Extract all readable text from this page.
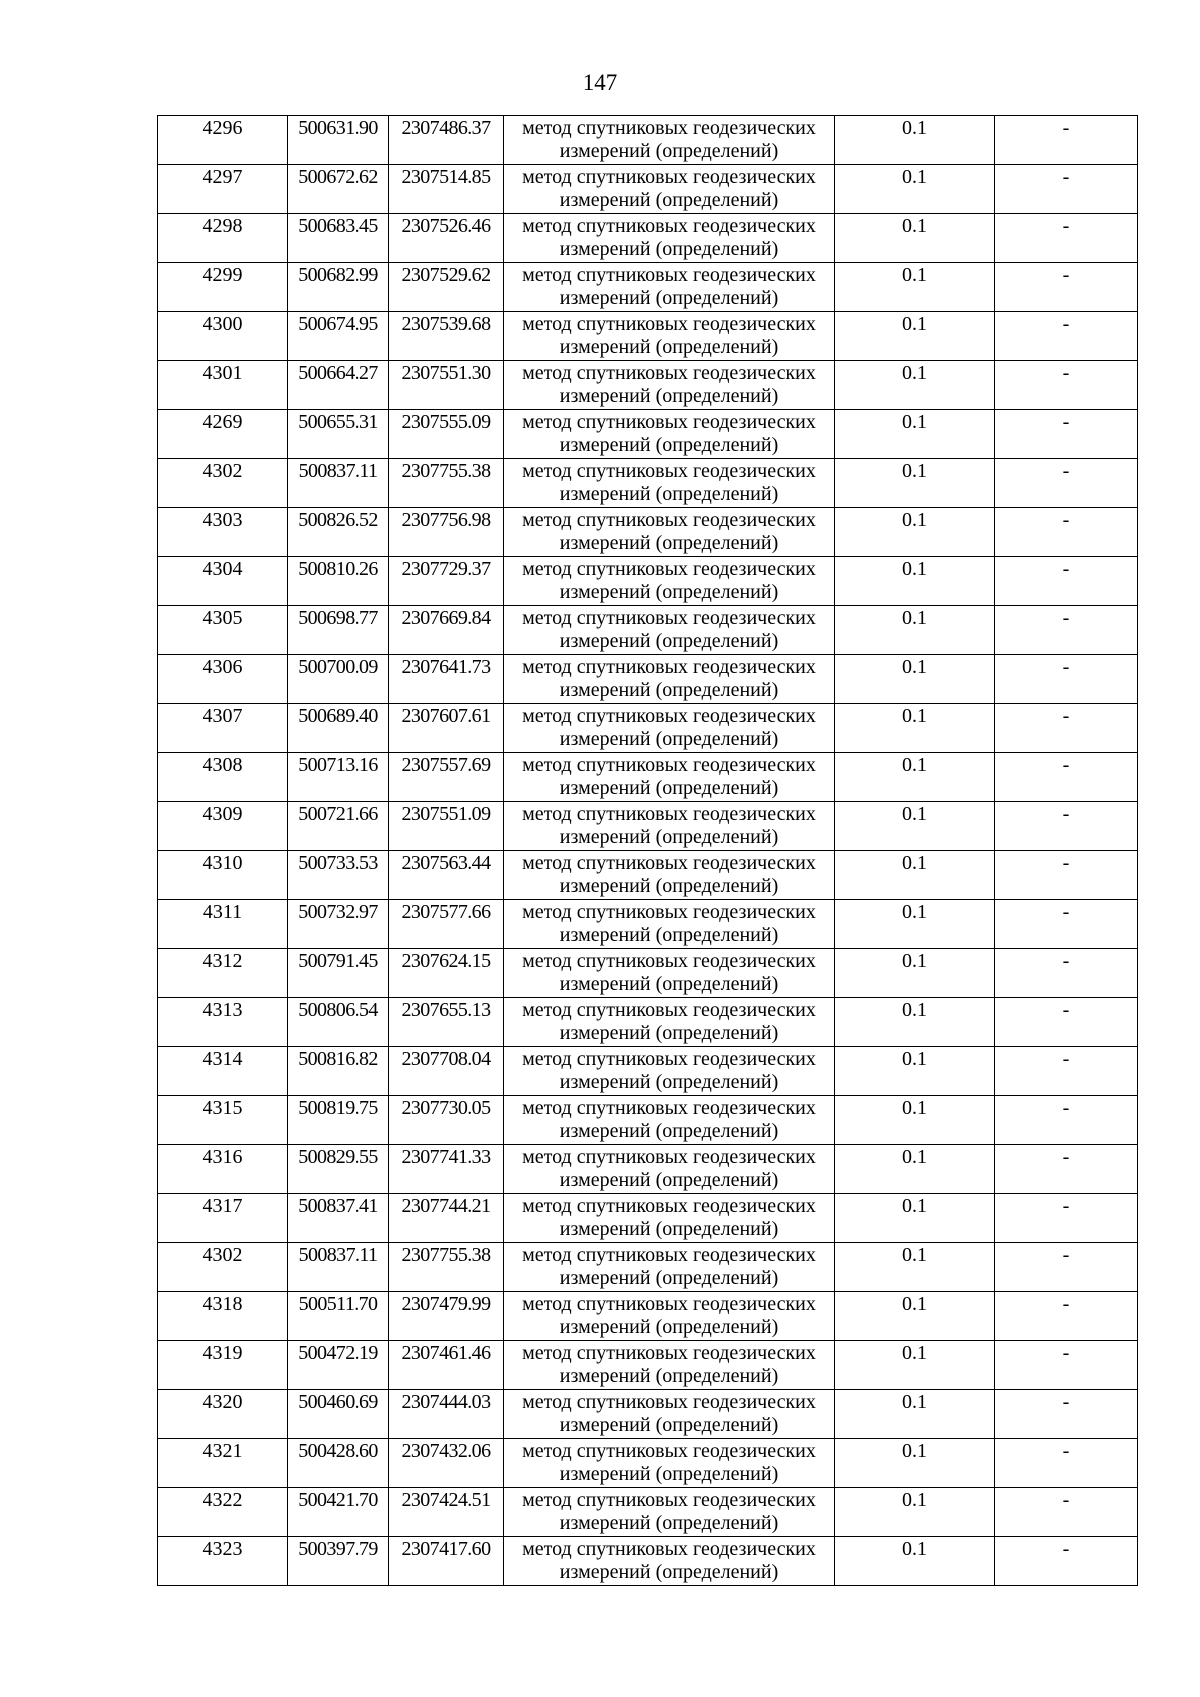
147
4296	500631.90	2307486.37	метод спутниковых геодезических измерений (определений)	0.1	-
4297	500672.62	2307514.85	метод спутниковых геодезических измерений (определений)	0.1	-
4298	500683.45	2307526.46	метод спутниковых геодезических измерений (определений)	0.1	-
4299	500682.99	2307529.62	метод спутниковых геодезических измерений (определений)	0.1	-
4300	500674.95	2307539.68	метод спутниковых геодезических измерений (определений)	0.1	-
4301	500664.27	2307551.30	метод спутниковых геодезических измерений (определений)	0.1	-
4269	500655.31	2307555.09	метод спутниковых геодезических измерений (определений)	0.1	-
4302	500837.11	2307755.38	метод спутниковых геодезических измерений (определений)	0.1	-
4303	500826.52	2307756.98	метод спутниковых геодезических измерений (определений)	0.1	-
4304	500810.26	2307729.37	метод спутниковых геодезических измерений (определений)	0.1	-
4305	500698.77	2307669.84	метод спутниковых геодезических измерений (определений)	0.1	-
4306	500700.09	2307641.73	метод спутниковых геодезических измерений (определений)	0.1	-
4307	500689.40	2307607.61	метод спутниковых геодезических измерений (определений)	0.1	-
4308	500713.16	2307557.69	метод спутниковых геодезических измерений (определений)	0.1	-
4309	500721.66	2307551.09	метод спутниковых геодезических измерений (определений)	0.1	-
4310	500733.53	2307563.44	метод спутниковых геодезических измерений (определений)	0.1	-
4311	500732.97	2307577.66	метод спутниковых геодезических измерений (определений)	0.1	-
4312	500791.45	2307624.15	метод спутниковых геодезических измерений (определений)	0.1	-
4313	500806.54	2307655.13	метод спутниковых геодезических измерений (определений)	0.1	-
4314	500816.82	2307708.04	метод спутниковых геодезических измерений (определений)	0.1	-
4315	500819.75	2307730.05	метод спутниковых геодезических измерений (определений)	0.1	-
4316	500829.55	2307741.33	метод спутниковых геодезических измерений (определений)	0.1	-
4317	500837.41	2307744.21	метод спутниковых геодезических измерений (определений)	0.1	-
4302	500837.11	2307755.38	метод спутниковых геодезических измерений (определений)	0.1	-
4318	500511.70	2307479.99	метод спутниковых геодезических измерений (определений)	0.1	-
4319	500472.19	2307461.46	метод спутниковых геодезических измерений (определений)	0.1	-
4320	500460.69	2307444.03	метод спутниковых геодезических измерений (определений)	0.1	-
4321	500428.60	2307432.06	метод спутниковых геодезических измерений (определений)	0.1	-
4322	500421.70	2307424.51	метод спутниковых геодезических измерений (определений)	0.1	-
4323	500397.79	2307417.60	метод спутниковых геодезических измерений (определений)	0.1	-
